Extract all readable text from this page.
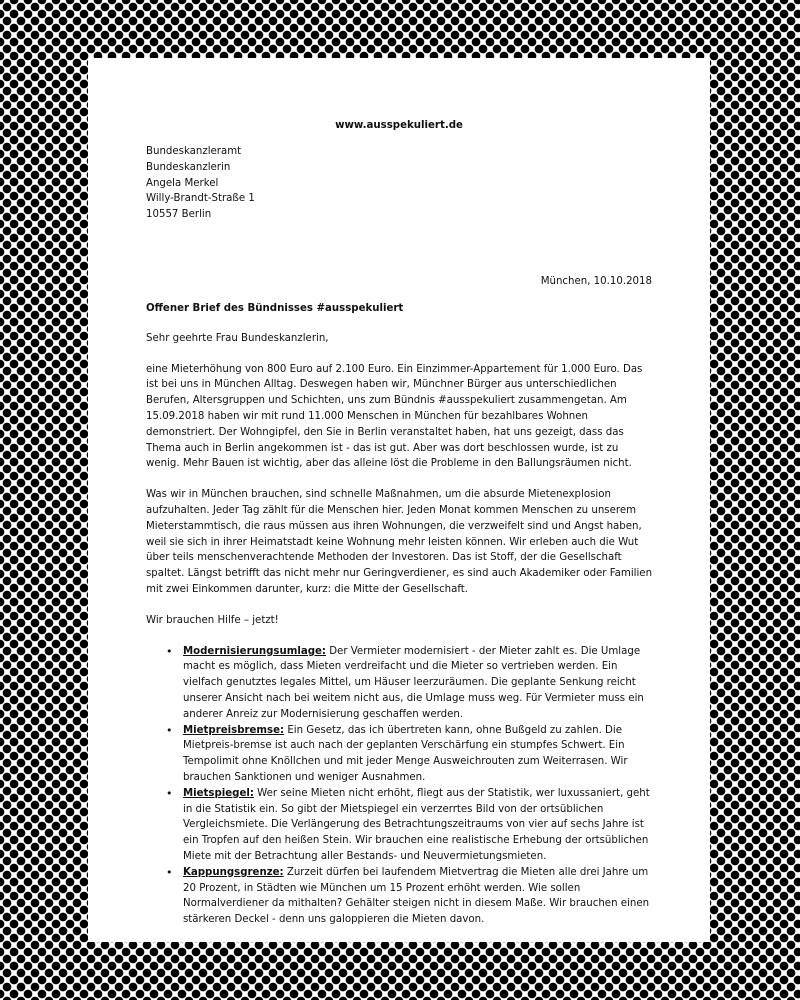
www.ausspekuliert.de
Bundeskanzleramt
Bundeskanzlerin
Angela Merkel
Willy-Brandt-Straße 1
10557 Berlin
München, 10.10.2018

Offener Brief des Bündnisses #ausspekuliert

Sehr geehrte Frau Bundeskanzlerin,

eine Mieterhöhung von 800 Euro auf 2.100 Euro. Ein Einzimmer-Appartement für 1.000 Euro. Das ist bei uns in München Alltag. Deswegen haben wir, Münchner Bürger aus unterschiedlichen Berufen, Altersgruppen und Schichten, uns zum Bündnis #ausspekuliert zusammengetan. Am 15.09.2018 haben wir mit rund 11.000 Menschen in München für bezahlbares Wohnen demonstriert. Der Wohngipfel, den Sie in Berlin veranstaltet haben, hat uns gezeigt, dass das Thema auch in Berlin angekommen ist - das ist gut. Aber was dort beschlossen wurde, ist zu wenig. Mehr Bauen ist wichtig, aber das alleine löst die Probleme in den Ballungsräumen nicht.

Was wir in München brauchen, sind schnelle Maßnahmen, um die absurde Mietenexplosion aufzuhalten. Jeder Tag zählt für die Menschen hier. Jeden Monat kommen Menschen zu unserem Mieterstammtisch, die raus müssen aus ihren Wohnungen, die verzweifelt sind und Angst haben, weil sie sich in ihrer Heimatstadt keine Wohnung mehr leisten können. Wir erleben auch die Wut über teils menschenverachtende Methoden der Investoren. Das ist Stoff, der die Gesellschaft spaltet. Längst betrifft das nicht mehr nur Geringverdiener, es sind auch Akademiker oder Familien mit zwei Einkommen darunter, kurz: die Mitte der Gesellschaft.

Wir brauchen Hilfe – jetzt!

• Modernisierungsumlage: Der Vermieter modernisiert - der Mieter zahlt es. Die Umlage macht es möglich, dass Mieten verdreifacht und die Mieter so vertrieben werden. Ein vielfach genutztes legales Mittel, um Häuser leerzuräumen. Die geplante Senkung reicht unserer Ansicht nach bei weitem nicht aus, die Umlage muss weg. Für Vermieter muss ein anderer Anreiz zur Modernisierung geschaffen werden.
• Mietpreisbremse: Ein Gesetz, das ich übertreten kann, ohne Bußgeld zu zahlen. Die Mietpreis-bremse ist auch nach der geplanten Verschärfung ein stumpfes Schwert. Ein Tempolimit ohne Knöllchen und mit jeder Menge Ausweichrouten zum Weiterrasen. Wir brauchen Sanktionen und weniger Ausnahmen.
• Mietspiegel: Wer seine Mieten nicht erhöht, fliegt aus der Statistik, wer luxussaniert, geht in die Statistik ein. So gibt der Mietspiegel ein verzerrtes Bild von der ortsüblichen Vergleichsmiete. Die Verlängerung des Betrachtungszeitraums von vier auf sechs Jahre ist ein Tropfen auf den heißen Stein. Wir brauchen eine realistische Erhebung der ortsüblichen Miete mit der Betrachtung aller Bestands- und Neuvermietungsmieten.
• Kappungsgrenze: Zurzeit dürfen bei laufendem Mietvertrag die Mieten alle drei Jahre um 20 Prozent, in Städten wie München um 15 Prozent erhöht werden. Wie sollen Normalverdiener da mithalten? Gehälter steigen nicht in diesem Maße. Wir brauchen einen stärkeren Deckel - denn uns galoppieren die Mieten davon.
